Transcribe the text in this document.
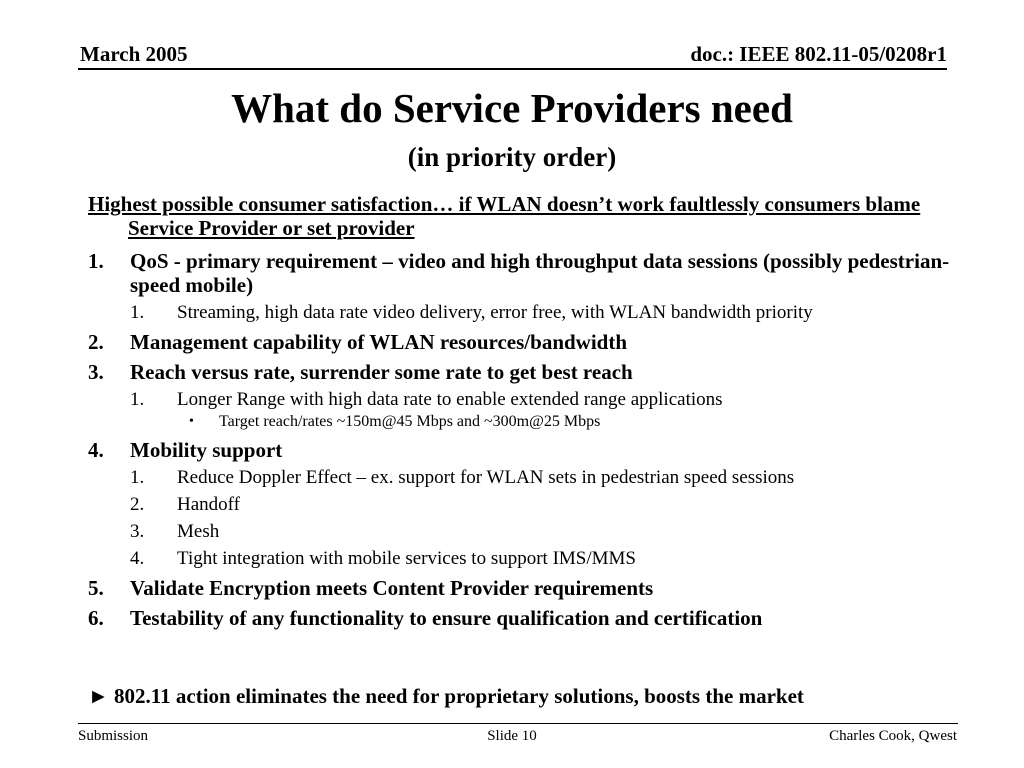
March 2005	doc.: IEEE 802.11-05/0208r1
What do Service Providers need
(in priority order)

Highest possible consumer satisfaction… if WLAN doesn’t work faultlessly consumers blame Service Provider or set provider

1. QoS - primary requirement – video and high throughput data sessions (possibly pedestrian-speed mobile)
1. Streaming, high data rate video delivery, error free, with WLAN bandwidth priority
2. Management capability of WLAN resources/bandwidth
3. Reach versus rate, surrender some rate to get best reach
1. Longer Range with high data rate to enable extended range applications
• Target reach/rates ~150m@45 Mbps and ~300m@25 Mbps
4. Mobility support
1. Reduce Doppler Effect – ex. support for WLAN sets in pedestrian speed sessions
2. Handoff
3. Mesh
4. Tight integration with mobile services to support IMS/MMS
5. Validate Encryption meets Content Provider requirements
6. Testability of any functionality to ensure qualification and certification
► 802.11 action eliminates the need for proprietary solutions, boosts the market
Submission	Slide 10	Charles Cook, Qwest
